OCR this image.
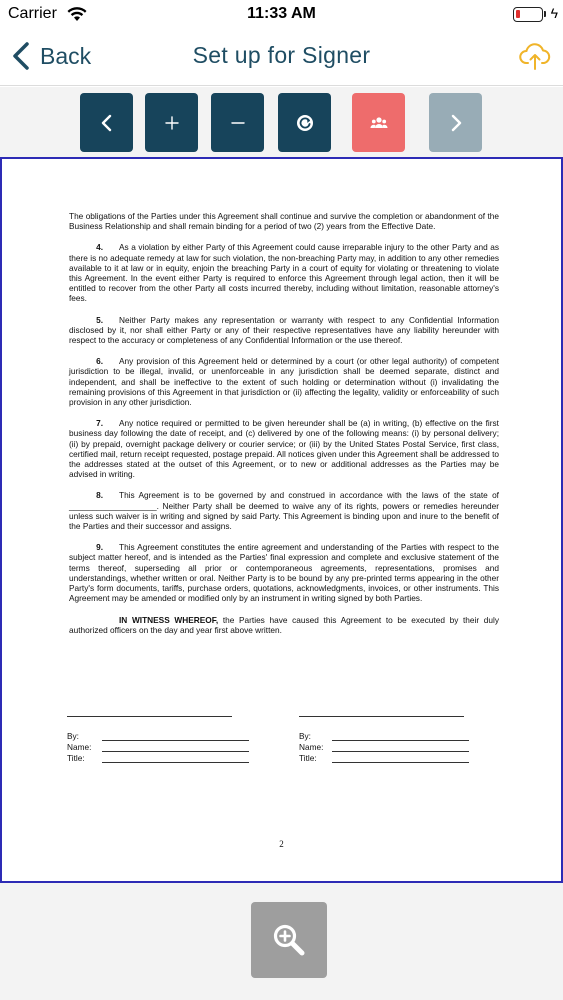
Carrier	11:33 AM	ϟ
Back	Set up for Signer

The obligations of the Parties under this Agreement shall continue and survive the completion or abandonment of the Business Relationship and shall remain binding for a period of two (2) years from the Effective Date.

4. As a violation by either Party of this Agreement could cause irreparable injury to the other Party and as there is no adequate remedy at law for such violation, the non-breaching Party may, in addition to any other remedies available to it at law or in equity, enjoin the breaching Party in a court of equity for violating or threatening to violate this Agreement. In the event either Party is required to enforce this Agreement through legal action, then it will be entitled to recover from the other Party all costs incurred thereby, including without limitation, reasonable attorney's fees.

5. Neither Party makes any representation or warranty with respect to any Confidential Information disclosed by it, nor shall either Party or any of their respective representatives have any liability hereunder with respect to the accuracy or completeness of any Confidential Information or the use thereof.

6. Any provision of this Agreement held or determined by a court (or other legal authority) of competent jurisdiction to be illegal, invalid, or unenforceable in any jurisdiction shall be deemed separate, distinct and independent, and shall be ineffective to the extent of such holding or determination without (i) invalidating the remaining provisions of this Agreement in that jurisdiction or (ii) affecting the legality, validity or enforceability of such provision in any other jurisdiction.

7. Any notice required or permitted to be given hereunder shall be (a) in writing, (b) effective on the first business day following the date of receipt, and (c) delivered by one of the following means: (i) by personal delivery; (ii) by prepaid, overnight package delivery or courier service; or (iii) by the United States Postal Service, first class, certified mail, return receipt requested, postage prepaid. All notices given under this Agreement shall be addressed to the addresses stated at the outset of this Agreement, or to new or additional addresses as the Parties may be advised in writing.

8. This Agreement is to be governed by and construed in accordance with the laws of the state of ___________________. Neither Party shall be deemed to waive any of its rights, powers or remedies hereunder unless such waiver is in writing and signed by said Party. This Agreement is binding upon and inure to the benefit of the Parties and their successor and assigns.

9. This Agreement constitutes the entire agreement and understanding of the Parties with respect to the subject matter hereof, and is intended as the Parties' final expression and complete and exclusive statement of the terms thereof, superseding all prior or contemporaneous agreements, representations, promises and understandings, whether written or oral. Neither Party is to be bound by any pre-printed terms appearing in the other Party's form documents, tariffs, purchase orders, quotations, acknowledgments, invoices, or other instruments. This Agreement may be amended or modified only by an instrument in writing signed by both Parties.

IN WITNESS WHEREOF, the Parties have caused this Agreement to be executed by their duly authorized officers on the day and year first above written.

By:
Name:
Title:
By:
Name:
Title:
2
